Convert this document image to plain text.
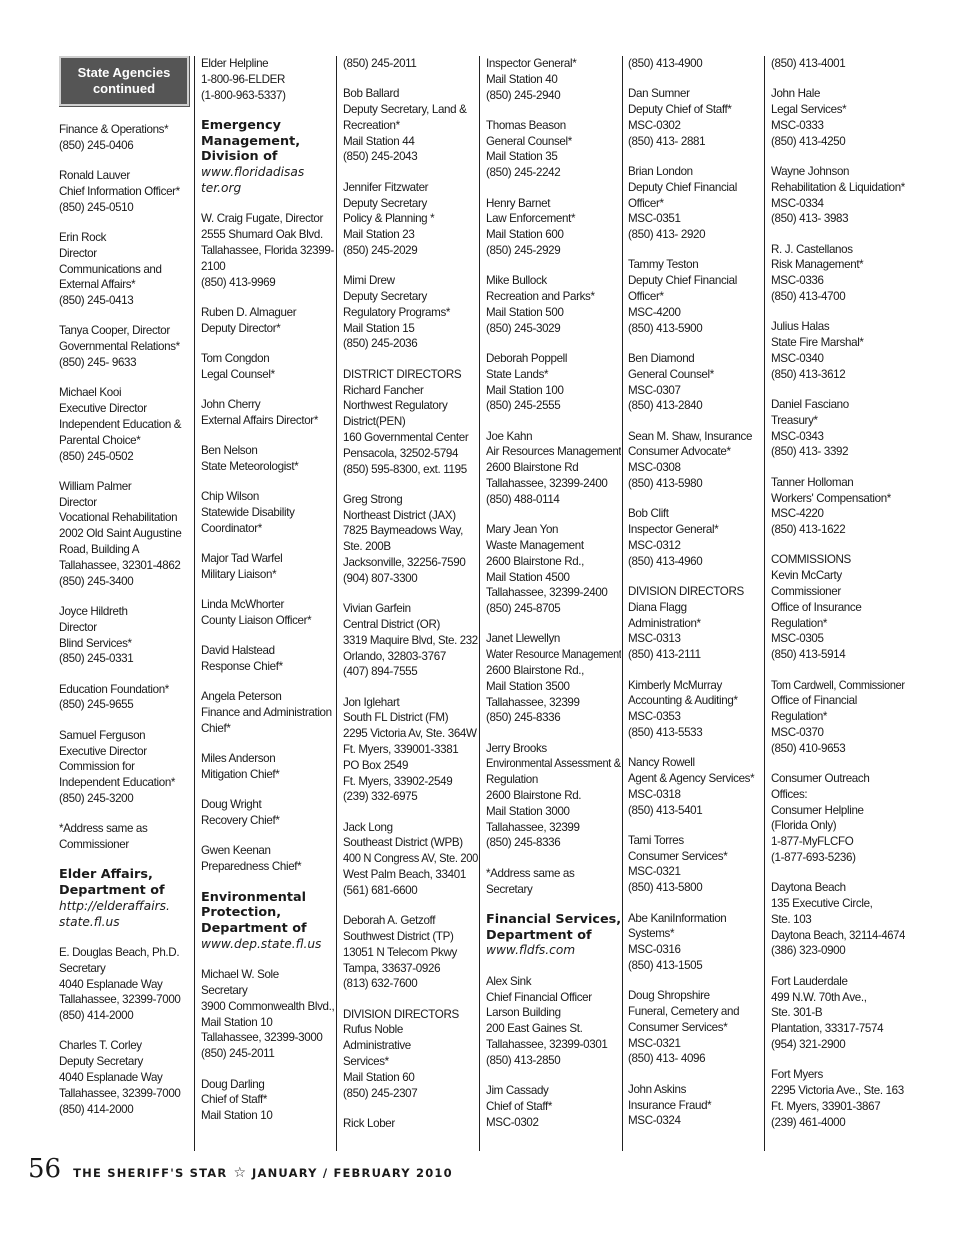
State Agencies
continued
Finance & Operations*
(850) 245-0406
Ronald Lauver
Chief Information Officer*
(850) 245-0510
Erin Rock
Director
Communications and
External Affairs*
(850) 245-0413
Tanya Cooper, Director
Governmental Relations*
(850) 245- 9633
Michael Kooi
Executive Director
Independent Education &
Parental Choice*
(850) 245-0502
William Palmer
Director
Vocational Rehabilitation
2002 Old Saint Augustine
Road, Building A
Tallahassee, 32301-4862
(850) 245-3400
Joyce Hildreth
Director
Blind Services*
(850) 245-0331
Education Foundation*
(850) 245-9655
Samuel Ferguson
Executive Director
Commission for
Independent Education*
(850) 245-3200
*Address same as
Commissioner
Elder Affairs,
Department of
http://elderaffairs.
state.fl.us
E. Douglas Beach, Ph.D.
Secretary
4040 Esplanade Way
Tallahassee, 32399-7000
(850) 414-2000
Charles T. Corley
Deputy Secretary
4040 Esplanade Way
Tallahassee, 32399-7000
(850) 414-2000
Elder Helpline
1-800-96-ELDER
(1-800-963-5337)
Emergency
Management,
Division of
www.floridadisas
ter.org
W. Craig Fugate, Director
2555 Shumard Oak Blvd.
Tallahassee, Florida 32399-
2100
(850) 413-9969
Ruben D. Almaguer
Deputy Director*
Tom Congdon
Legal Counsel*
John Cherry
External Affairs Director*
Ben Nelson
State Meteorologist*
Chip Wilson
Statewide Disability
Coordinator*
Major Tad Warfel
Military Liaison*
Linda McWhorter
County Liaison Officer*
David Halstead
Response Chief*
Angela Peterson
Finance and Administration
Chief*
Miles Anderson
Mitigation Chief*
Doug Wright
Recovery Chief*
Gwen Keenan
Preparedness Chief*
Environmental
Protection,
Department of
www.dep.state.fl.us
Michael W. Sole
Secretary
3900 Commonwealth Blvd.,
Mail Station 10
Tallahassee, 32399-3000
(850) 245-2011
Doug Darling
Chief of Staff*
Mail Station 10
(850) 245-2011
Bob Ballard
Deputy Secretary, Land &
Recreation*
Mail Station 44
(850) 245-2043
Jennifer Fitzwater
Deputy Secretary
Policy & Planning *
Mail Station 23
(850) 245-2029
Mimi Drew
Deputy Secretary
Regulatory Programs*
Mail Station 15
(850) 245-2036
DISTRICT DIRECTORS
Richard Fancher
Northwest Regulatory
District(PEN)
160 Governmental Center
Pensacola, 32502-5794
(850) 595-8300, ext. 1195
Greg Strong
Northeast District (JAX)
7825 Baymeadows Way,
Ste. 200B
Jacksonville, 32256-7590
(904) 807-3300
Vivian Garfein
Central District (OR)
3319 Maquire Blvd, Ste. 232
Orlando, 32803-3767
(407) 894-7555
Jon Iglehart
South FL District (FM)
2295 Victoria Av, Ste. 364W
Ft. Myers, 339001-3381
PO Box 2549
Ft. Myers, 33902-2549
(239) 332-6975
Jack Long
Southeast District (WPB)
400 N Congress AV, Ste. 200
West Palm Beach, 33401
(561) 681-6600
Deborah A. Getzoff
Southwest District (TP)
13051 N Telecom Pkwy
Tampa, 33637-0926
(813) 632-7600
DIVISION DIRECTORS
Rufus Noble
Administrative
Services*
Mail Station 60
(850) 245-2307
Rick Lober
Inspector General*
Mail Station 40
(850) 245-2940
Thomas Beason
General Counsel*
Mail Station 35
(850) 245-2242
Henry Barnet
Law Enforcement*
Mail Station 600
(850) 245-2929
Mike Bullock
Recreation and Parks*
Mail Station 500
(850) 245-3029
Deborah Poppell
State Lands*
Mail Station 100
(850) 245-2555
Joe Kahn
Air Resources Management
2600 Blairstone Rd
Tallahassee, 32399-2400
(850) 488-0114
Mary Jean Yon
Waste Management
2600 Blairstone Rd.,
Mail Station 4500
Tallahassee, 32399-2400
(850) 245-8705
Janet Llewellyn
Water Resource Management
2600 Blairstone Rd.,
Mail Station 3500
Tallahassee, 32399
(850) 245-8336
Jerry Brooks
Environmental Assessment &
Regulation
2600 Blairstone Rd.
Mail Station 3000
Tallahassee, 32399
(850) 245-8336
*Address same as
Secretary
Financial Services,
Department of
www.fldfs.com
Alex Sink
Chief Financial Officer
Larson Building
200 East Gaines St.
Tallahassee, 32399-0301
(850) 413-2850
Jim Cassady
Chief of Staff*
MSC-0302
(850) 413-4900
Dan Sumner
Deputy Chief of Staff*
MSC-0302
(850) 413- 2881
Brian London
Deputy Chief Financial
Officer*
MSC-0351
(850) 413- 2920
Tammy Teston
Deputy Chief Financial
Officer*
MSC-4200
(850) 413-5900
Ben Diamond
General Counsel*
MSC-0307
(850) 413-2840
Sean M. Shaw, Insurance
Consumer Advocate*
MSC-0308
(850) 413-5980
Bob Clift
Inspector General*
MSC-0312
(850) 413-4960
DIVISION DIRECTORS
Diana Flagg
Administration*
MSC-0313
(850) 413-2111
Kimberly McMurray
Accounting & Auditing*
MSC-0353
(850) 413-5533
Nancy Rowell
Agent & Agency Services*
MSC-0318
(850) 413-5401
Tami Torres
Consumer Services*
MSC-0321
(850) 413-5800
Abe KaniInformation
Systems*
MSC-0316
(850) 413-1505
Doug Shropshire
Funeral, Cemetery and
Consumer Services*
MSC-0321
(850) 413- 4096
John Askins
Insurance Fraud*
MSC-0324
(850) 413-4001
John Hale
Legal Services*
MSC-0333
(850) 413-4250
Wayne Johnson
Rehabilitation & Liquidation*
MSC-0334
(850) 413- 3983
R. J. Castellanos
Risk Management*
MSC-0336
(850) 413-4700
Julius Halas
State Fire Marshal*
MSC-0340
(850) 413-3612
Daniel Fasciano
Treasury*
MSC-0343
(850) 413- 3392
Tanner Holloman
Workers' Compensation*
MSC-4220
(850) 413-1622
COMMISSIONS
Kevin McCarty
Commissioner
Office of Insurance
Regulation*
MSC-0305
(850) 413-5914
Tom Cardwell, Commissioner
Office of Financial
Regulation*
MSC-0370
(850) 410-9653
Consumer Outreach
Offices:
Consumer Helpline
(Florida Only)
1-877-MyFLCFO
(1-877-693-5236)
Daytona Beach
135 Executive Circle,
Ste. 103
Daytona Beach, 32114-4674
(386) 323-0900
Fort Lauderdale
499 N.W. 70th Ave.,
Ste. 301-B
Plantation, 33317-7574
(954) 321-2900
Fort Myers
2295 Victoria Ave., Ste. 163
Ft. Myers, 33901-3867
(239) 461-4000
56 THE SHERIFF'S STAR ☆ JANUARY / FEBRUARY 2010
